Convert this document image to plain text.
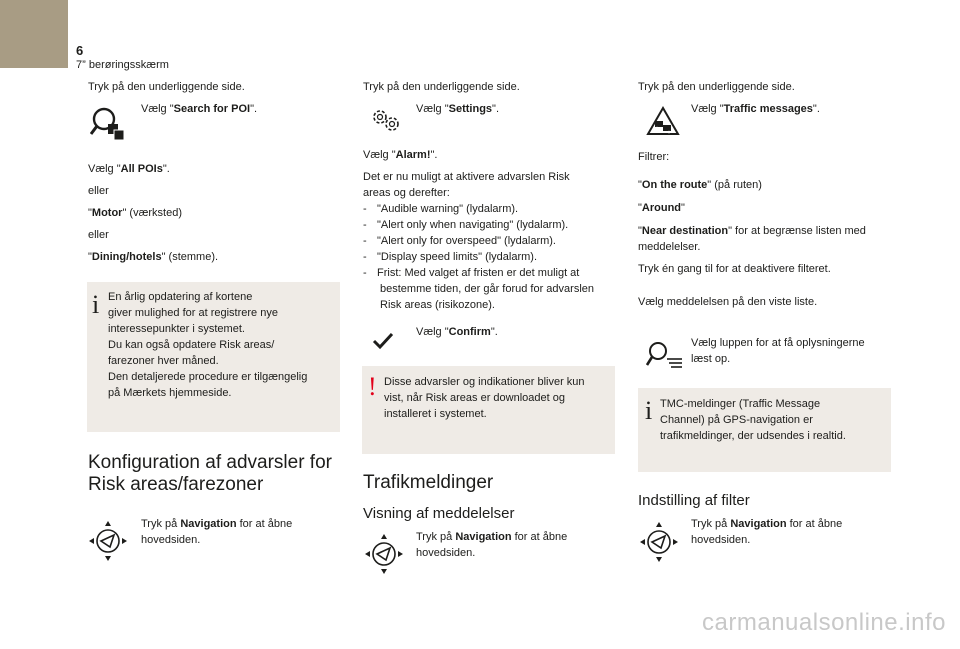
6
7” berøringsskærm
Tryk på den underliggende side.
Vælg "Search for POI".
Vælg "All POIs".
eller
"Motor" (værksted)
eller
"Dining/hotels" (stemme).
i En årlig opdatering af kortene
giver mulighed for at registrere nye
interessepunkter i systemet.
Du kan også opdatere Risk areas/
farezoner hver måned.
Den detaljerede procedure er tilgængelig
på Mærkets hjemmeside.
Konfiguration af advarsler for
Risk areas/farezoner
Tryk på Navigation for at åbne
hovedsiden.
Tryk på den underliggende side.
Vælg "Settings".
Vælg "Alarm!".
Det er nu muligt at aktivere advarslen Risk
areas og derefter:
- "Audible warning" (lydalarm).
- "Alert only when navigating" (lydalarm).
- "Alert only for overspeed" (lydalarm).
- "Display speed limits" (lydalarm).
- Frist: Med valget af fristen er det muligt at
bestemme tiden, der går forud for advarslen
Risk areas (risikozone).
Vælg "Confirm".
! Disse advarsler og indikationer bliver kun
vist, når Risk areas er downloadet og
installeret i systemet.
Trafikmeldinger
Visning af meddelelser
Tryk på Navigation for at åbne
hovedsiden.
Tryk på den underliggende side.
Vælg "Traffic messages".
Filtrer:
"On the route" (på ruten)
"Around"
"Near destination" for at begrænse listen med
meddelelser.
Tryk én gang til for at deaktivere filteret.
Vælg meddelelsen på den viste liste.
Vælg luppen for at få oplysningerne
læst op.
i TMC-meldinger (Traffic Message
Channel) på GPS-navigation er
trafikmeldinger, der udsendes i realtid.
Indstilling af filter
Tryk på Navigation for at åbne
hovedsiden.
carmanualsonline.info
